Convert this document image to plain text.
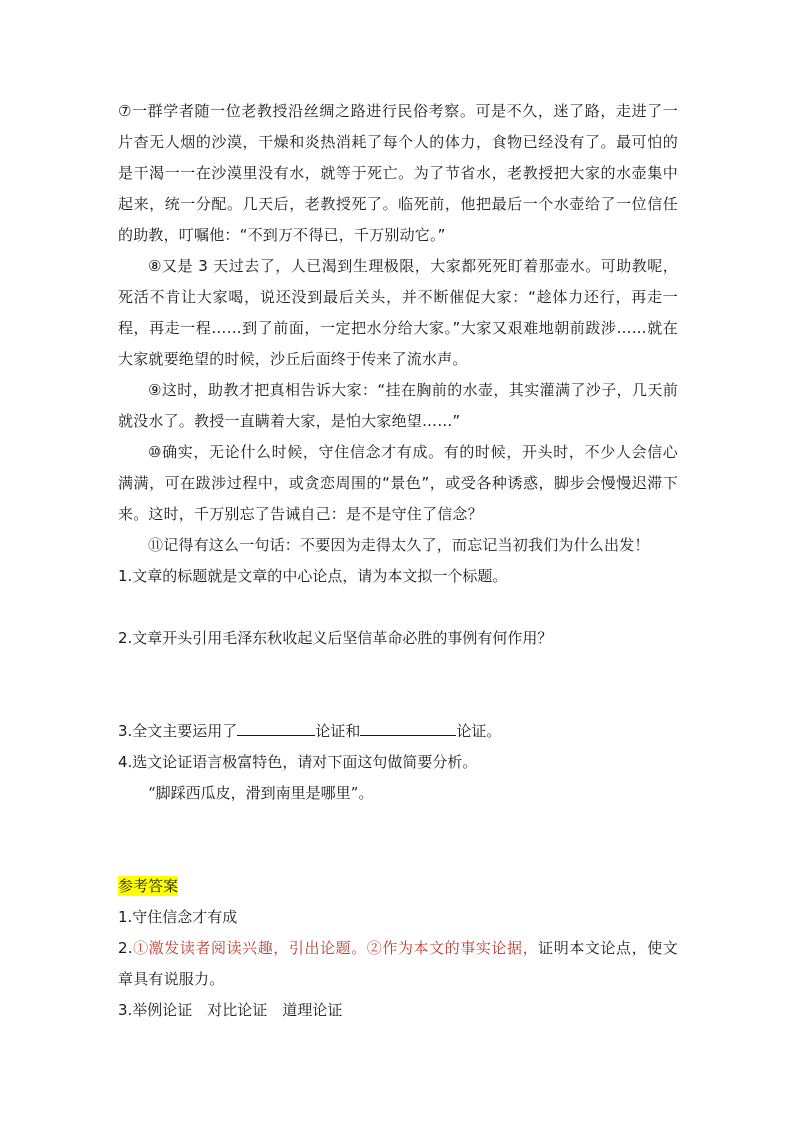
⑦一群学者随一位老教授沿丝绸之路进行民俗考察。可是不久，迷了路，走进了一片杳无人烟的沙漠，干燥和炎热消耗了每个人的体力，食物已经没有了。最可怕的是干渴一一在沙漠里没有水，就等于死亡。为了节省水，老教授把大家的水壶集中起来，统一分配。几天后，老教授死了。临死前，他把最后一个水壶给了一位信任的助教，叮嘱他：“不到万不得已，千万别动它。”

⑧又是 3 天过去了，人已渴到生理极限，大家都死死盯着那壶水。可助教呢，死活不肯让大家喝，说还没到最后关头，并不断催促大家：“趁体力还行，再走一程，再走一程……到了前面，一定把水分给大家。”大家又艰难地朝前跋涉……就在大家就要绝望的时候，沙丘后面终于传来了流水声。

⑨这时，助教才把真相告诉大家：“挂在胸前的水壶，其实灌满了沙子，几天前就没水了。教授一直瞒着大家，是怕大家绝望……”

⑩确实，无论什么时候，守住信念才有成。有的时候，开头时，不少人会信心满满，可在跋涉过程中，或贪恋周围的“景色”，或受各种诱惑，脚步会慢慢迟滞下来。这时，千万别忘了告诫自己：是不是守住了信念？

⑪记得有这么一句话：不要因为走得太久了，而忘记当初我们为什么出发！

1.文章的标题就是文章的中心论点，请为本文拟一个标题。

2.文章开头引用毛泽东秋收起义后坚信革命必胜的事例有何作用？

3.全文主要运用了	论证和	论证。

4.选文论证语言极富特色，请对下面这句做简要分析。

“脚踩西瓜皮，滑到南里是哪里”。

参考答案

1.守住信念才有成

2.①激发读者阅读兴趣，引出论题。②作为本文的事实论据，证明本文论点，使文章具有说服力。

3.举例论证　对比论证　道理论证
